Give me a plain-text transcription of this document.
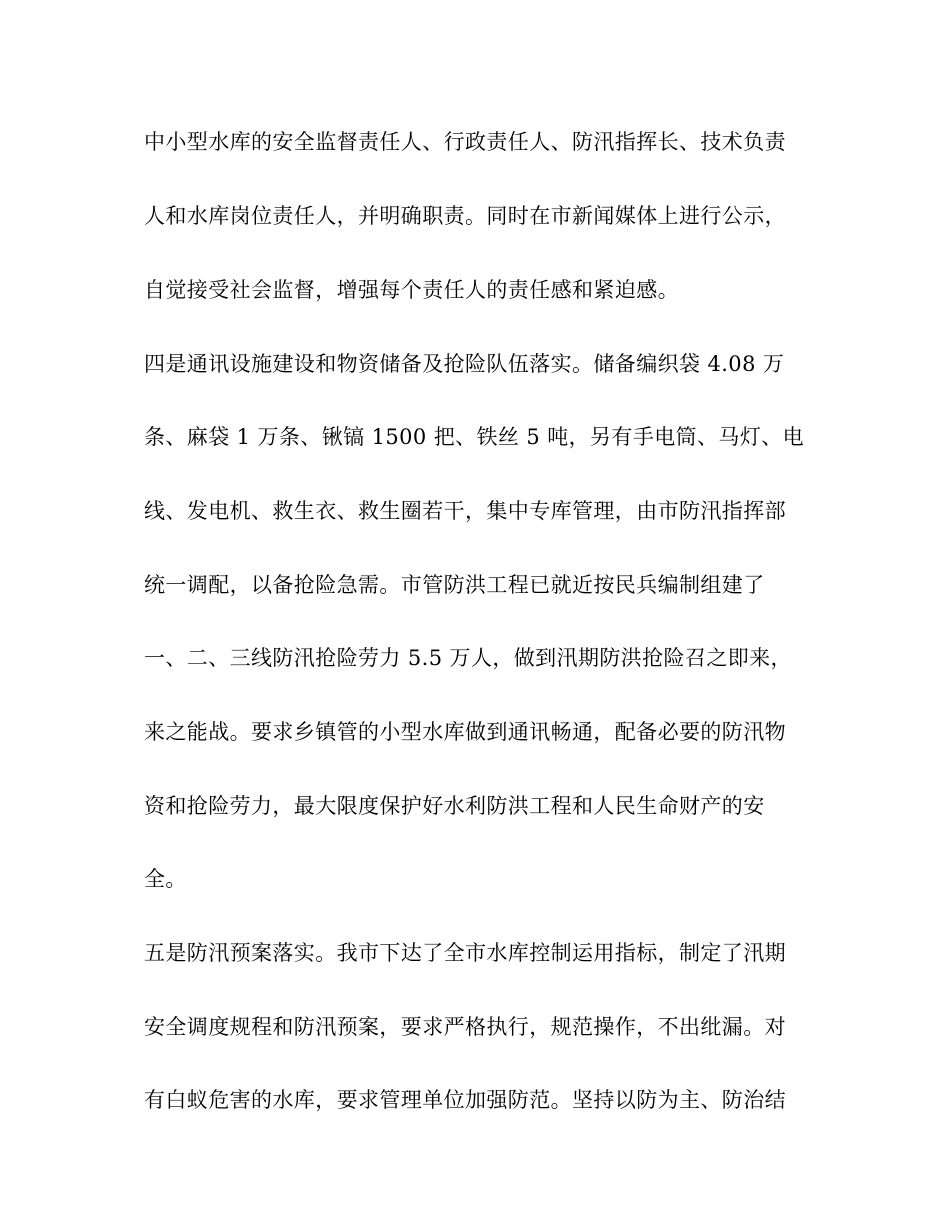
中小型水库的安全监督责任人、行政责任人、防汛指挥长、技术负责

人和水库岗位责任人，并明确职责。同时在市新闻媒体上进行公示，

自觉接受社会监督，增强每个责任人的责任感和紧迫感。

四是通讯设施建设和物资储备及抢险队伍落实。储备编织袋 4.08 万

条、麻袋 1 万条、锹镐 1500 把、铁丝 5 吨，另有手电筒、马灯、电

线、发电机、救生衣、救生圈若干，集中专库管理，由市防汛指挥部

统一调配，以备抢险急需。市管防洪工程已就近按民兵编制组建了

一、二、三线防汛抢险劳力 5.5 万人，做到汛期防洪抢险召之即来，

来之能战。要求乡镇管的小型水库做到通讯畅通，配备必要的防汛物

资和抢险劳力，最大限度保护好水利防洪工程和人民生命财产的安

全。

五是防汛预案落实。我市下达了全市水库控制运用指标，制定了汛期

安全调度规程和防汛预案，要求严格执行，规范操作，不出纰漏。对

有白蚁危害的水库，要求管理单位加强防范。坚持以防为主、防治结
